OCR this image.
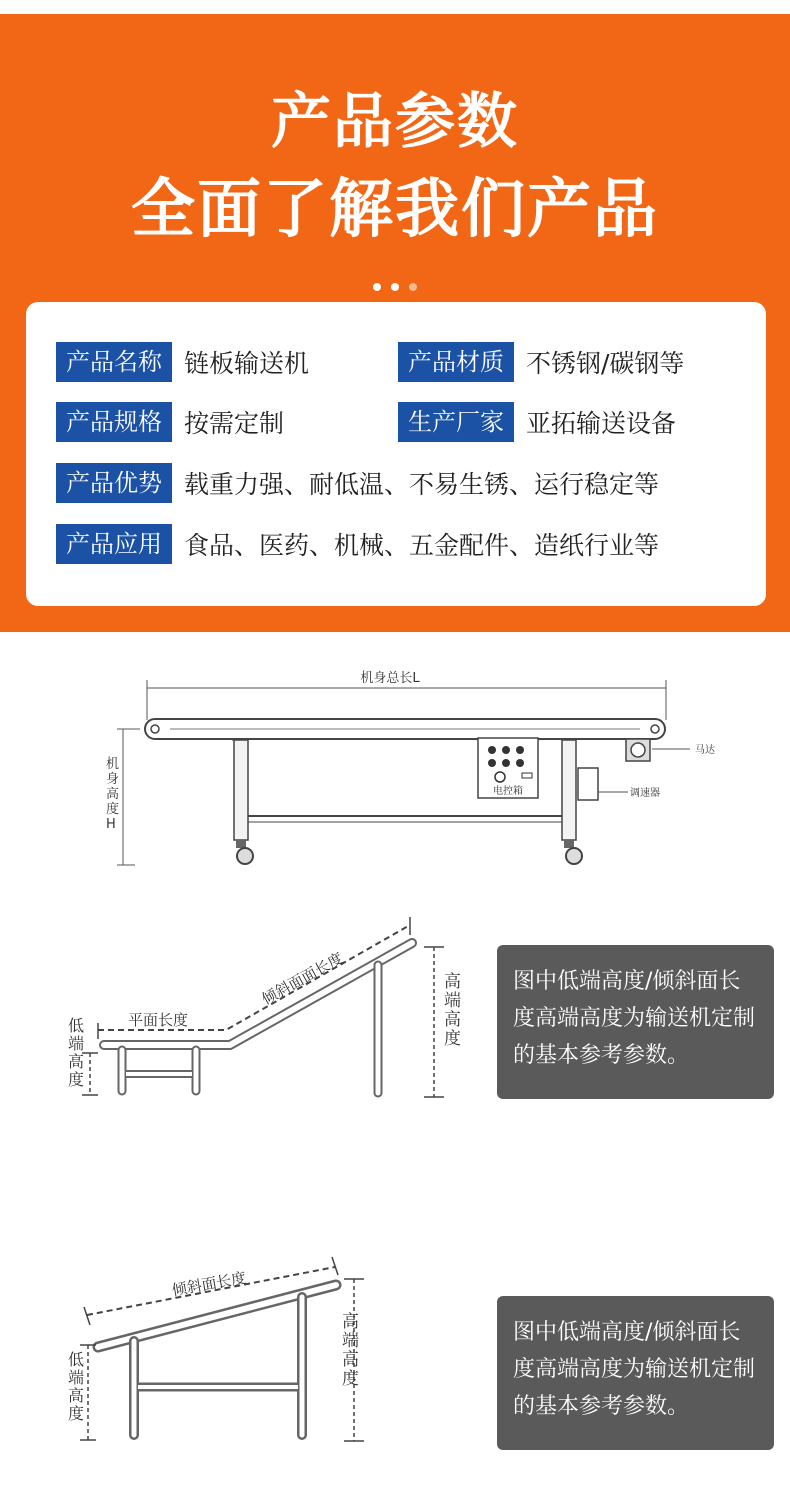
产品参数
全面了解我们产品
产品名称 链板输送机	产品材质 不锈钢/碳钢等
产品规格 按需定制	生产厂家 亚拓输送设备
产品优势 载重力强、耐低温、不易生锈、运行稳定等
产品应用 食品、医药、机械、五金配件、造纸行业等
机身总长L
电控箱
马达
调速器
机身高度 H
平面长度
倾斜面面长度
低端高度
高端高度
图中低端高度/倾斜面长度高端高度为输送机定制的基本参考参数。
倾斜面长度
低端高度
高端高度
图中低端高度/倾斜面长度高端高度为输送机定制的基本参考参数。
